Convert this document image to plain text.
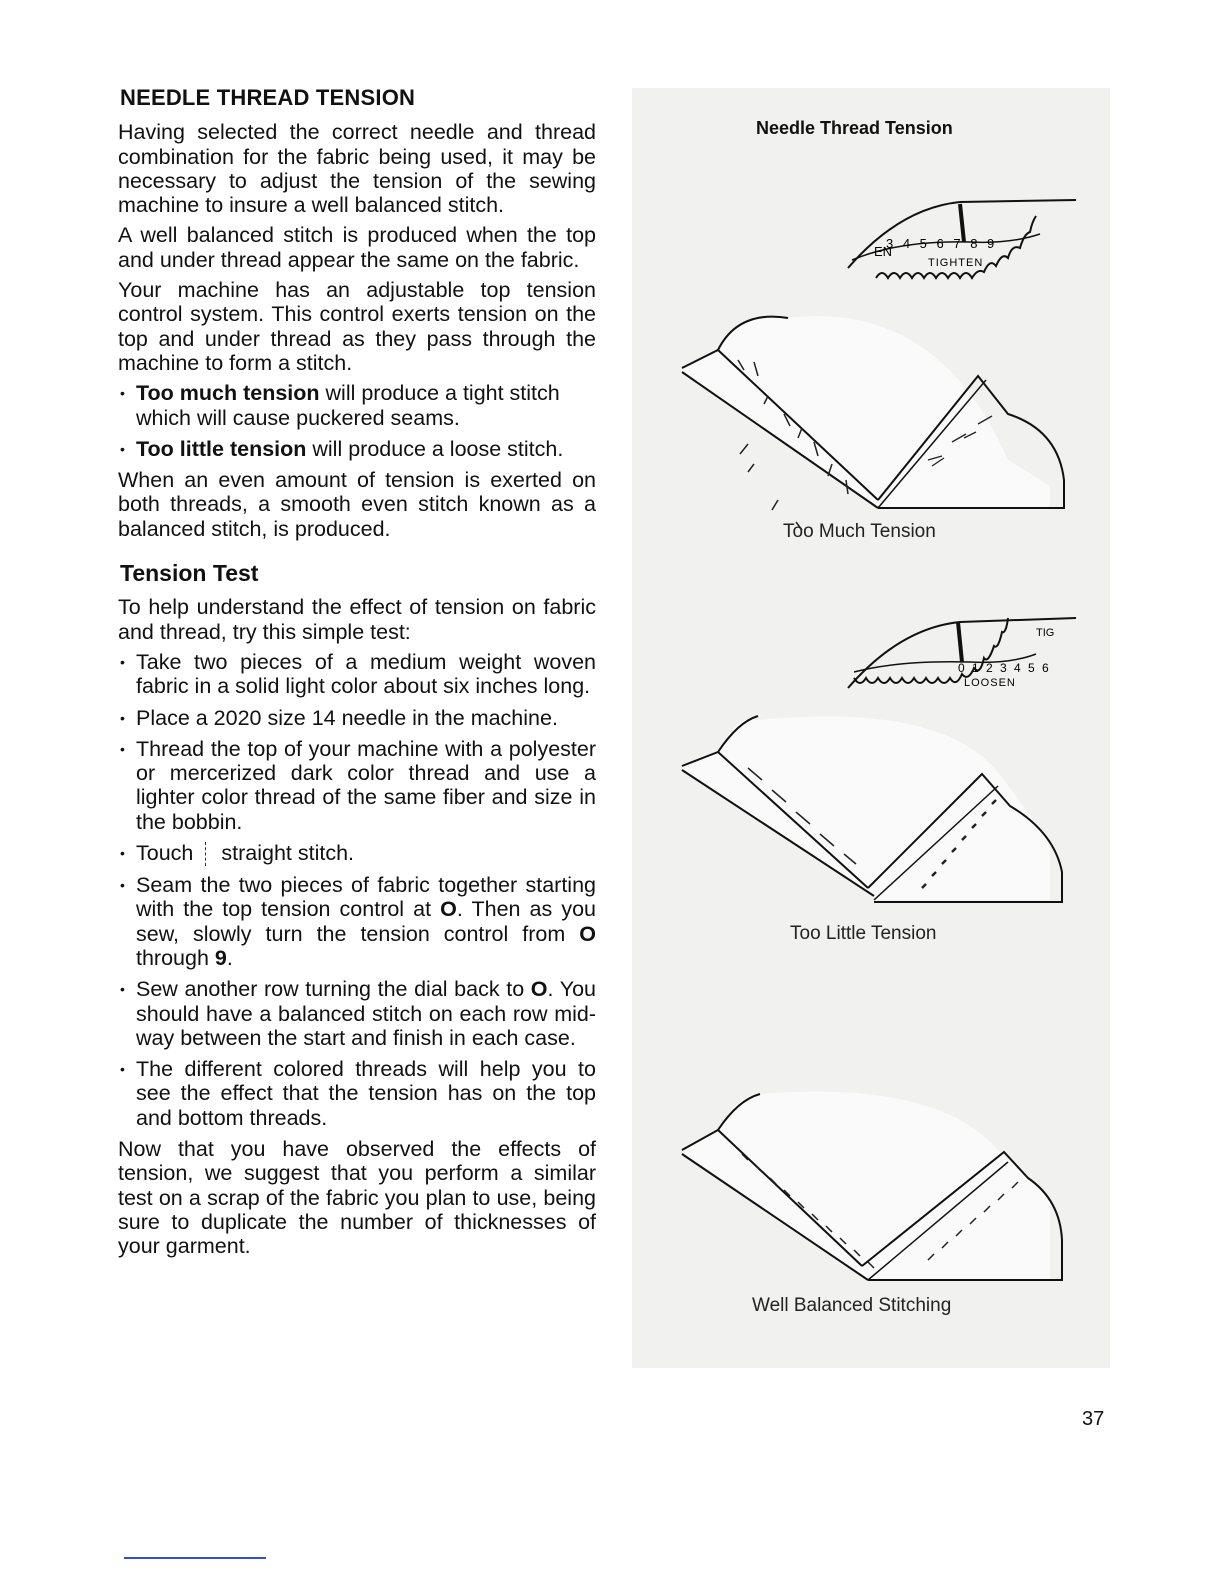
NEEDLE THREAD TENSION

Having selected the correct needle and thread combination for the fabric being used, it may be necessary to adjust the tension of the sewing machine to insure a well balanced stitch.

A well balanced stitch is produced when the top and under thread appear the same on the fabric.

Your machine has an adjustable top tension control system. This control exerts tension on the top and under thread as they pass through the machine to form a stitch.

• Too much tension will produce a tight stitch which will cause puckered seams.
• Too little tension will produce a loose stitch.

When an even amount of tension is exerted on both threads, a smooth even stitch known as a balanced stitch, is produced.

Tension Test

To help understand the effect of tension on fabric and thread, try this simple test:

• Take two pieces of a medium weight woven fabric in a solid light color about six inches long.
• Place a 2020 size 14 needle in the machine.
• Thread the top of your machine with a polyester or mercerized dark color thread and use a lighter color thread of the same fiber and size in the bobbin.
• Touch straight stitch.
• Seam the two pieces of fabric together starting with the top tension control at O. Then as you sew, slowly turn the tension control from O through 9.
• Sew another row turning the dial back to O. You should have a balanced stitch on each row mid-way between the start and finish in each case.
• The different colored threads will help you to see the effect that the tension has on the top and bottom threads.

Now that you have observed the effects of tension, we suggest that you perform a similar test on a scrap of the fabric you plan to use, being sure to duplicate the number of thicknesses of your garment.

Needle Thread Tension
EN
3 4 5 6 7 8 9
TIGHTEN
Too Much Tension
0 1 2 3 4 5 6
TIG
LOOSEN
Too Little Tension
Well Balanced Stitching
37
